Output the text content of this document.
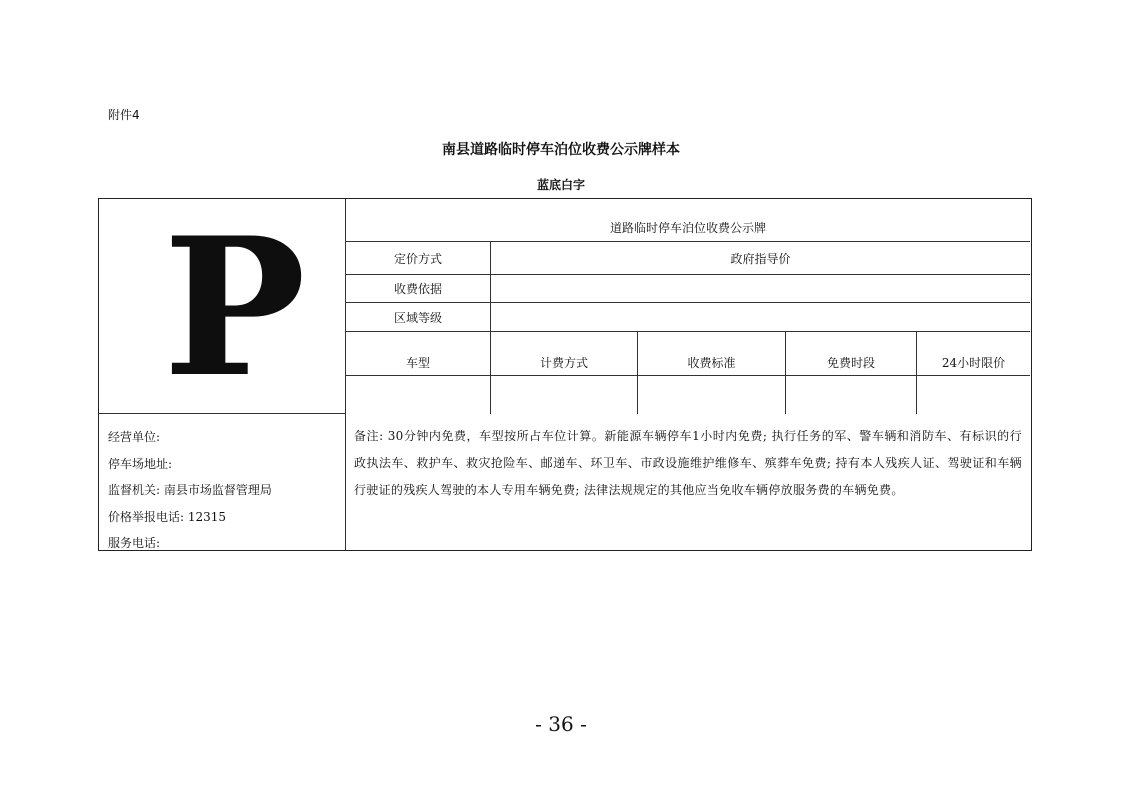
附件4
南县道路临时停车泊位收费公示牌样本
蓝底白字
P	道路临时停车泊位收费公示牌
定价方式	政府指导价
收费依据
区域等级
车型	计费方式	收费标准	免费时段	24小时限价
经营单位:
停车场地址:
监督机关: 南县市场监督管理局
价格举报电话: 12315
服务电话:
备注: 30分钟内免费，车型按所占车位计算。新能源车辆停车1小时内免费; 执行任务的军、警车辆和消防车、有标识的行政执法车、救护车、救灾抢险车、邮递车、环卫车、市政设施维护维修车、殡葬车免费; 持有本人残疾人证、驾驶证和车辆行驶证的残疾人驾驶的本人专用车辆免费; 法律法规规定的其他应当免收车辆停放服务费的车辆免费。
- 36 -
